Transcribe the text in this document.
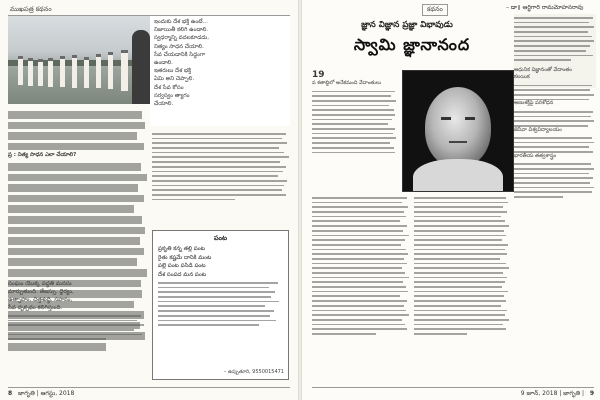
ముఖపత్ర కథనం
ఇందుకు దేశ భక్తి ఉంటే...
నిజాయితీ కలిగి ఉండాలి.
స్వధర్మాన్ని వదలకూడదు,
నిత్యం సాధన చేయాలి.
సేవ చేయడానికి సిద్ధంగా
ఉండాలి.
ఇతరులు దేశ భక్తి
ఏమి అని చెప్పాలి.
దేశ సేవ కోసం
సర్వస్వం త్యాగం
చేయాలి.
ప్ర : నిత్య సాధన ఎలా చేయాలి?
సంఘం యొక్క పద్ధతి మనసు
మార్చుతుంది. తేజస్సు, ధైర్యం,
ఉత్సాహం, చిత్తశుద్ధి, సహనం,
సేవ దృక్పథం కలిగిస్తుంది.
పంట
ప్రకృతి కన్న తల్లి పంట
రైతు కష్టమే దానికి మంట
పల్లె పంట పసిడి పంట
దేశ సంపద మన పంట
– ఉప్పుతూరి, 9550015471
8 జాగృతి | ఆగస్టు, 2018
కథనం	– డా॥ ఆర్జిగారి రామమోహనరావు
జ్ఞాన విజ్ఞాన ప్రజ్ఞా విభావుడు
స్వామి జ్ఞానానంద
ఆధునిక విజ్ఞానంతో వేదాంతం
కలయిక
అణుశక్తిపై పరిశోధన
జెనీవా విశ్వవిద్యాలయం
భారతీయ తత్వశాస్త్రం
19
వ శతాబ్దిలో అనేకమంది వేదాంతులు
9 జూన్, 2018 | జాగృతి | 9
